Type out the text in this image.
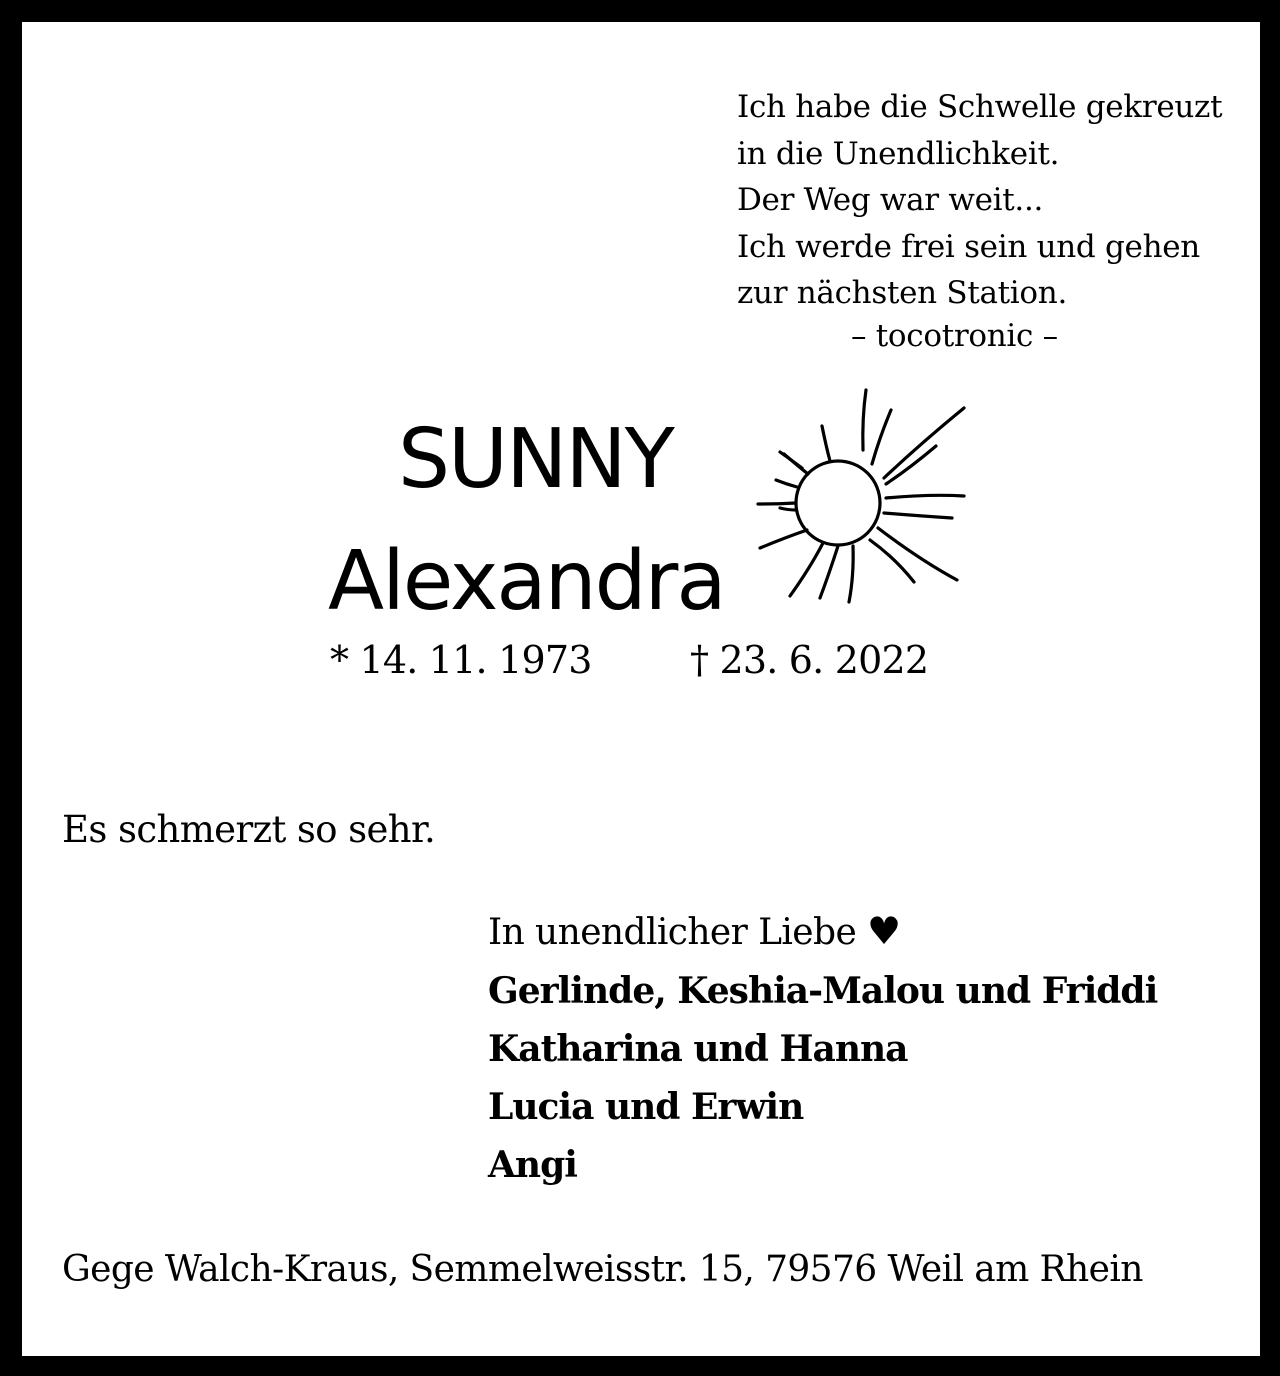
Ich habe die Schwelle gekreuzt
in die Unendlichkeit.
Der Weg war weit...
Ich werde frei sein und gehen
zur nächsten Station.
– tocotronic –
SUNNY
Alexandra
* 14. 11. 1973	† 23. 6. 2022
Es schmerzt so sehr.
In unendlicher Liebe ♥
Gerlinde, Keshia-Malou und Friddi
Katharina und Hanna
Lucia und Erwin
Angi
Gege Walch-Kraus, Semmelweisstr. 15, 79576 Weil am Rhein
